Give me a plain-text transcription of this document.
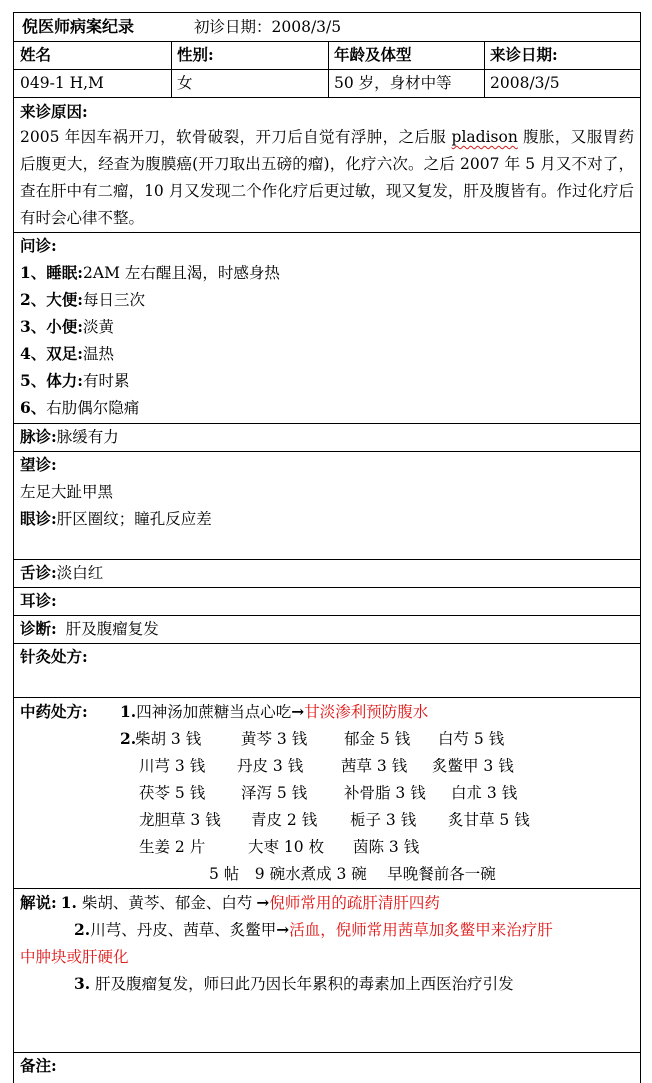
倪医师病案纪录	初诊日期：2008/3/5
姓名	性别:	年龄及体型	来诊日期:
049-1 H,M	女	50 岁，身材中等 2008/3/5
来诊原因:
2005 年因车祸开刀，软骨破裂，开刀后自觉有浮肿，之后服 pladison 腹胀，又服胃药后腹更大，经查为腹膜癌(开刀取出五磅的瘤)，化疗六次。之后 2007 年 5 月又不对了，查在肝中有二瘤，10 月又发现二个作化疗后更过敏，现又复发，肝及腹皆有。作过化疗后有时会心律不整。
问诊:
1、睡眠:2AM 左右醒且渴，时感身热
2、大便:每日三次
3、小便:淡黄
4、双足:温热
5、体力:有时累
6、右肋偶尔隐痛
脉诊:脉缓有力
望诊:
左足大趾甲黑
眼诊:肝区圈纹；瞳孔反应差
舌诊:淡白红
耳诊:
诊断: 肝及腹瘤复发
针灸处方:
中药处方: 1.四神汤加蔗糖当点心吃→甘淡渗利预防腹水
2.
柴胡 3 钱	黄芩 3 钱 郁金 5 钱 白芍 5 钱
川芎 3 钱 丹皮 3 钱 茜草 3 钱 炙鳖甲 3 钱
茯苓 5 钱 泽泻 5 钱 补骨脂 3 钱 白朮 3 钱
龙胆草 3 钱 青皮 2 钱 栀子 3 钱 炙甘草 5 钱
生姜 2 片	大枣 10 枚 茵陈 3 钱
5 帖　9 碗水煮成 3 碗　 早晚餐前各一碗
解说: 1. 柴胡、黄芩、郁金、白芍 →倪师常用的疏肝清肝四药
2.川芎、丹皮、茜草、炙鳖甲→活血，倪师常用茜草加炙鳖甲来治疗肝
中肿块或肝硬化
3. 肝及腹瘤复发，师曰此乃因长年累积的毒素加上西医治疗引发
备注:
